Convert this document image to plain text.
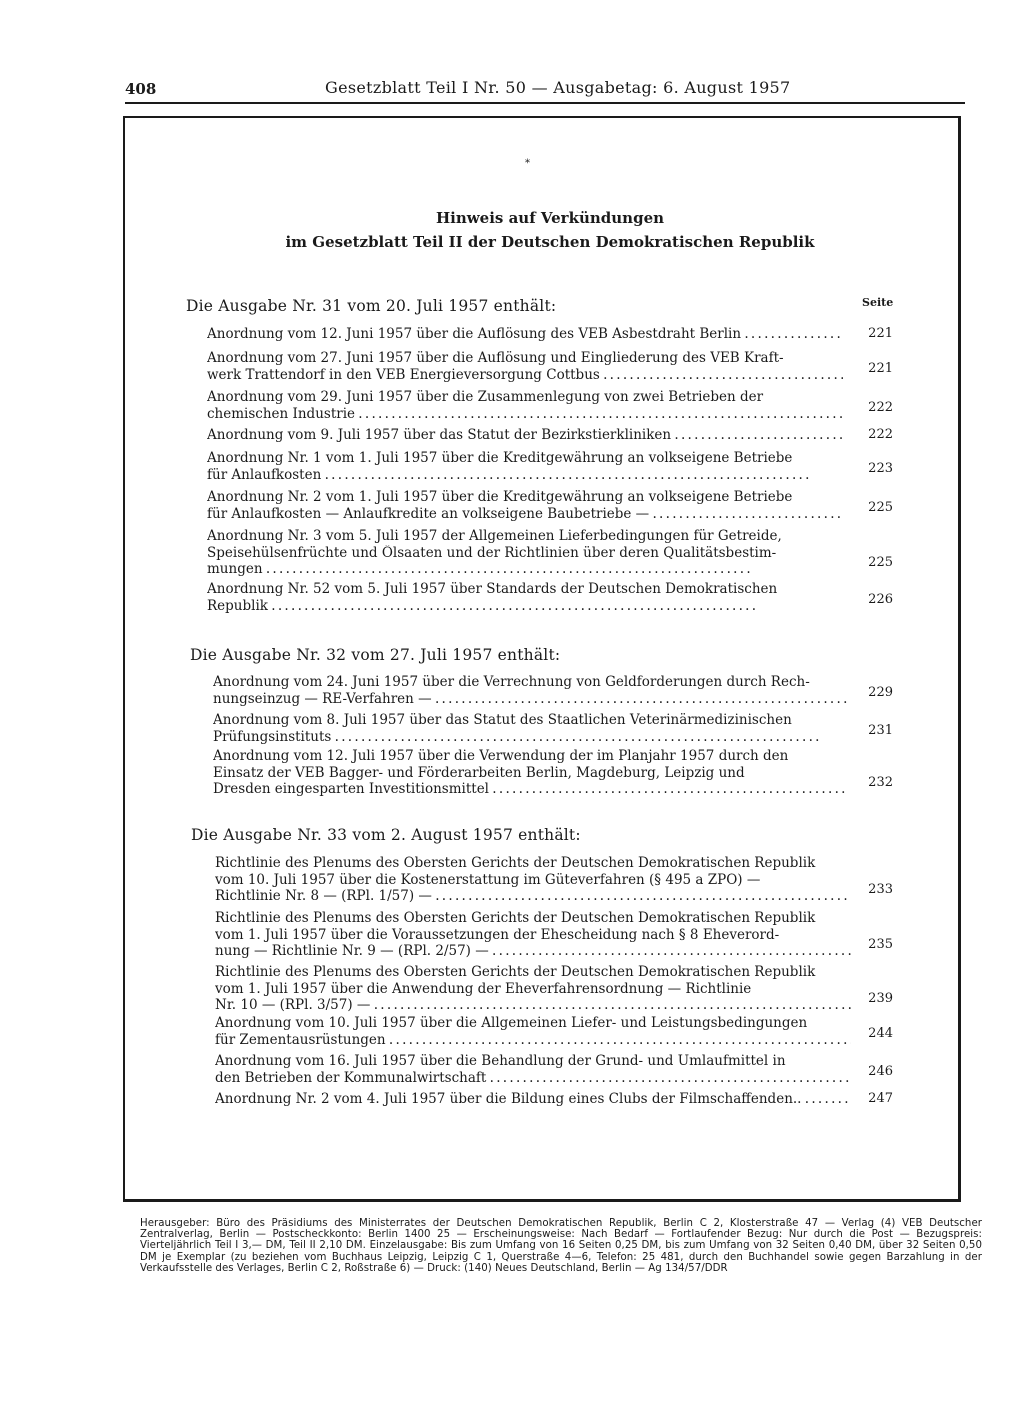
408	Gesetzblatt Teil I Nr. 50 — Ausgabetag: 6. August 1957
*
Hinweis auf Verkündungen
im Gesetzblatt Teil II der Deutschen Demokratischen Republik
Seite
Die Ausgabe Nr. 31 vom 20. Juli 1957 enthält:
Anordnung vom 12. Juni 1957 über die Auflösung des VEB Asbestdraht Berlin . . .	221
Anordnung vom 27. Juni 1957 über die Auflösung und Eingliederung des VEB Kraft-
werk Trattendorf in den VEB Energieversorgung Cottbus . . .	221
Anordnung vom 29. Juni 1957 über die Zusammenlegung von zwei Betrieben der
chemischen Industrie . . .	222
Anordnung vom 9. Juli 1957 über das Statut der Bezirkstierkliniken . . .	222
Anordnung Nr. 1 vom 1. Juli 1957 über die Kreditgewährung an volkseigene Betriebe
für Anlaufkosten . . .	223
Anordnung Nr. 2 vom 1. Juli 1957 über die Kreditgewährung an volkseigene Betriebe
für Anlaufkosten — Anlaufkredite an volkseigene Baubetriebe — . . .	225
Anordnung Nr. 3 vom 5. Juli 1957 der Allgemeinen Lieferbedingungen für Getreide,
Speisehülsenfrüchte und Ölsaaten und der Richtlinien über deren Qualitätsbestim-
mungen . . .	225
Anordnung Nr. 52 vom 5. Juli 1957 über Standards der Deutschen Demokratischen
Republik . . .	226
Die Ausgabe Nr. 32 vom 27. Juli 1957 enthält:
Anordnung vom 24. Juni 1957 über die Verrechnung von Geldforderungen durch Rech-
nungseinzug — RE-Verfahren — . . .	229
Anordnung vom 8. Juli 1957 über das Statut des Staatlichen Veterinärmedizinischen
Prüfungsinstituts . . .	231
Anordnung vom 12. Juli 1957 über die Verwendung der im Planjahr 1957 durch den
Einsatz der VEB Bagger- und Förderarbeiten Berlin, Magdeburg, Leipzig und
Dresden eingesparten Investitionsmittel . . .	232
Die Ausgabe Nr. 33 vom 2. August 1957 enthält:
Richtlinie des Plenums des Obersten Gerichts der Deutschen Demokratischen Republik
vom 10. Juli 1957 über die Kostenerstattung im Güteverfahren (§ 495 a ZPO) —
Richtlinie Nr. 8 — (RPl. 1/57) — . . .	233
Richtlinie des Plenums des Obersten Gerichts der Deutschen Demokratischen Republik
vom 1. Juli 1957 über die Voraussetzungen der Ehescheidung nach § 8 Eheverord-
nung — Richtlinie Nr. 9 — (RPl. 2/57) — . . .	235
Richtlinie des Plenums des Obersten Gerichts der Deutschen Demokratischen Republik
vom 1. Juli 1957 über die Anwendung der Eheverfahrensordnung — Richtlinie
Nr. 10 — (RPl. 3/57) — . . .	239
Anordnung vom 10. Juli 1957 über die Allgemeinen Liefer- und Leistungsbedingungen
für Zementausrüstungen . . .	244
Anordnung vom 16. Juli 1957 über die Behandlung der Grund- und Umlaufmittel in
den Betrieben der Kommunalwirtschaft . . .	246
Anordnung Nr. 2 vom 4. Juli 1957 über die Bildung eines Clubs der Filmschaffenden.. . . .	247
Herausgeber: Büro des Präsidiums des Ministerrates der Deutschen Demokratischen Republik, Berlin C 2, Klosterstraße 47 — Verlag (4) VEB Deutscher Zentralverlag, Berlin — Postscheckkonto: Berlin 1400 25 — Erscheinungsweise: Nach Bedarf — Fortlaufender Bezug: Nur durch die Post — Bezugspreis: Vierteljährlich Teil I 3,— DM, Teil II 2,10 DM. Einzelausgabe: Bis zum Umfang von 16 Seiten 0,25 DM, bis zum Umfang von 32 Seiten 0,40 DM, über 32 Seiten 0,50 DM je Exemplar (zu beziehen vom Buchhaus Leipzig, Leipzig C 1, Querstraße 4—6, Telefon: 25 481, durch den Buchhandel sowie gegen Barzahlung in der Verkaufsstelle des Verlages, Berlin C 2, Roßstraße 6) — Druck: (140) Neues Deutschland, Berlin — Ag 134/57/DDR
